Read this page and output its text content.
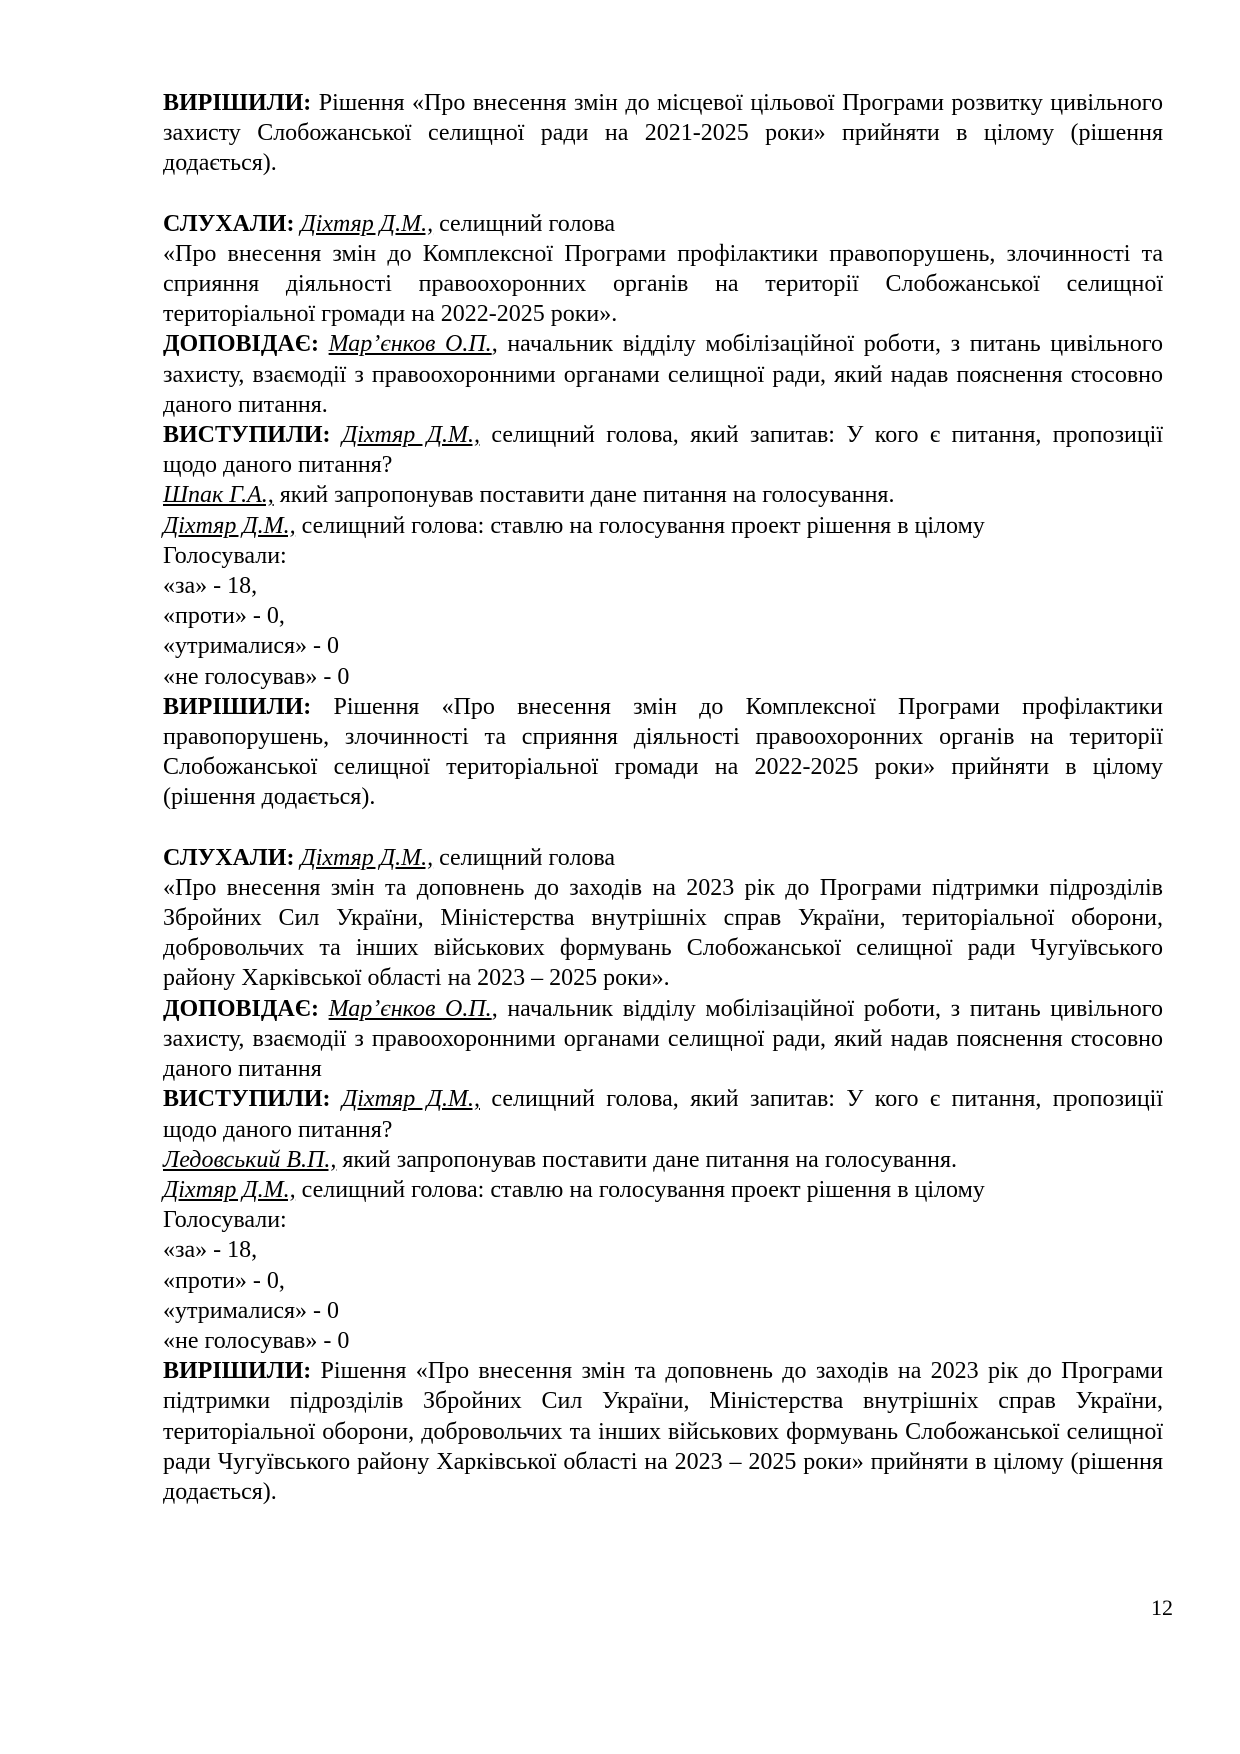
ВИРІШИЛИ: Рішення «Про внесення змін до місцевої цільової Програми розвитку цивільного захисту Слобожанської селищної ради на 2021-2025 роки» прийняти в цілому (рішення додається).

СЛУХАЛИ: Діхтяр Д.М., селищний голова

«Про внесення змін до Комплексної Програми профілактики правопорушень, злочинності та сприяння діяльності правоохоронних органів на території Слобожанської селищної територіальної громади на 2022-2025 роки».

ДОПОВІДАЄ: Мар’єнков О.П., начальник відділу мобілізаційної роботи, з питань цивільного захисту, взаємодії з правоохоронними органами селищної ради, який надав пояснення стосовно даного питання.

ВИСТУПИЛИ: Діхтяр Д.М., селищний голова, який запитав: У кого є питання, пропозиції щодо даного питання?

Шпак Г.А., який запропонував поставити дане питання на голосування.

Діхтяр Д.М., селищний голова: ставлю на голосування проект рішення в цілому

Голосували:

«за» - 18,

«проти» - 0,

«утрималися» - 0

«не голосував» - 0

ВИРІШИЛИ: Рішення «Про внесення змін до Комплексної Програми профілактики правопорушень, злочинності та сприяння діяльності правоохоронних органів на території Слобожанської селищної територіальної громади на 2022-2025 роки» прийняти в цілому (рішення додається).

СЛУХАЛИ: Діхтяр Д.М., селищний голова

«Про внесення змін та доповнень до заходів на 2023 рік до Програми підтримки підрозділів Збройних Сил України, Міністерства внутрішніх справ України, територіальної оборони, добровольчих та інших військових формувань Слобожанської селищної ради Чугуївського району Харківської області на 2023 – 2025 роки».

ДОПОВІДАЄ: Мар’єнков О.П., начальник відділу мобілізаційної роботи, з питань цивільного захисту, взаємодії з правоохоронними органами селищної ради, який надав пояснення стосовно даного питання

ВИСТУПИЛИ: Діхтяр Д.М., селищний голова, який запитав: У кого є питання, пропозиції щодо даного питання?

Ледовський В.П., який запропонував поставити дане питання на голосування.

Діхтяр Д.М., селищний голова: ставлю на голосування проект рішення в цілому

Голосували:

«за» - 18,

«проти» - 0,

«утрималися» - 0

«не голосував» - 0

ВИРІШИЛИ: Рішення «Про внесення змін та доповнень до заходів на 2023 рік до Програми підтримки підрозділів Збройних Сил України, Міністерства внутрішніх справ України, територіальної оборони, добровольчих та інших військових формувань Слобожанської селищної ради Чугуївського району Харківської області на 2023 – 2025 роки» прийняти в цілому (рішення додається).

12
